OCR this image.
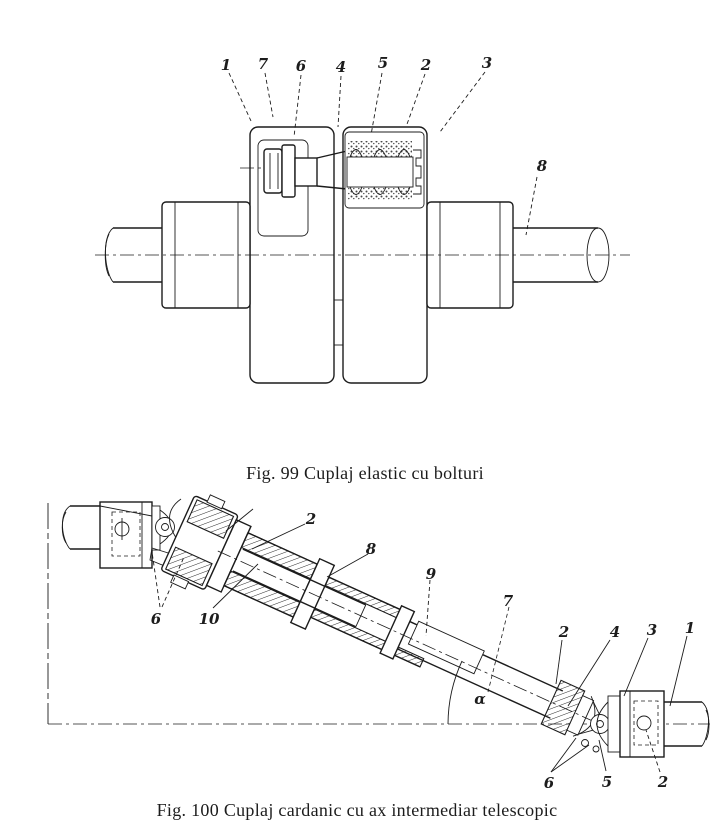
1 7 6 4 5 2	3
8
Fig. 99 Cuplaj elastic cu bolturi
6 10
2
8
9
7
2	4 3 1
6	5	2
α
Fig. 100 Cuplaj cardanic cu ax intermediar telescopic
